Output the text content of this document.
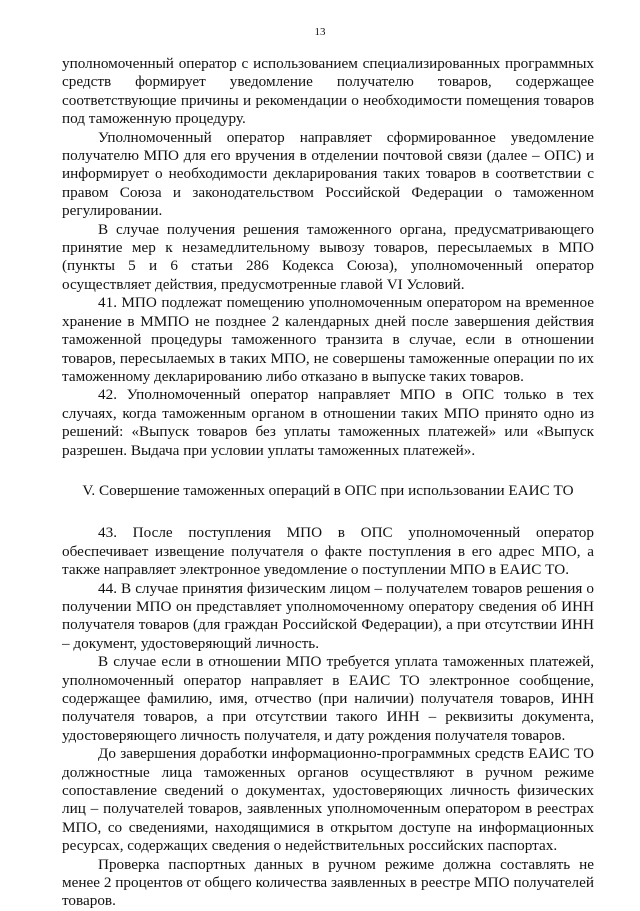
13

уполномоченный оператор с использованием специализированных программных средств формирует уведомление получателю товаров, содержащее соответствующие причины и рекомендации о необходимости помещения товаров под таможенную процедуру.

Уполномоченный оператор направляет сформированное уведомление получателю МПО для его вручения в отделении почтовой связи (далее – ОПС) и информирует о необходимости декларирования таких товаров в соответствии с правом Союза и законодательством Российской Федерации о таможенном регулировании.

В случае получения решения таможенного органа, предусматривающего принятие мер к незамедлительному вывозу товаров, пересылаемых в МПО (пункты 5 и 6 статьи 286 Кодекса Союза), уполномоченный оператор осуществляет действия, предусмотренные главой VI Условий.

41. МПО подлежат помещению уполномоченным оператором на временное хранение в ММПО не позднее 2 календарных дней после завершения действия таможенной процедуры таможенного транзита в случае, если в отношении товаров, пересылаемых в таких МПО, не совершены таможенные операции по их таможенному декларированию либо отказано в выпуске таких товаров.

42. Уполномоченный оператор направляет МПО в ОПС только в тех случаях, когда таможенным органом в отношении таких МПО принято одно из решений: «Выпуск товаров без уплаты таможенных платежей» или «Выпуск разрешен. Выдача при условии уплаты таможенных платежей».

V. Совершение таможенных операций в ОПС при использовании ЕАИС ТО

43. После поступления МПО в ОПС уполномоченный оператор обеспечивает извещение получателя о факте поступления в его адрес МПО, а также направляет электронное уведомление о поступлении МПО в ЕАИС ТО.

44. В случае принятия физическим лицом – получателем товаров решения о получении МПО он представляет уполномоченному оператору сведения об ИНН получателя товаров (для граждан Российской Федерации), а при отсутствии ИНН – документ, удостоверяющий личность.

В случае если в отношении МПО требуется уплата таможенных платежей, уполномоченный оператор направляет в ЕАИС ТО электронное сообщение, содержащее фамилию, имя, отчество (при наличии) получателя товаров, ИНН получателя товаров, а при отсутствии такого ИНН – реквизиты документа, удостоверяющего личность получателя, и дату рождения получателя товаров.

До завершения доработки информационно-программных средств ЕАИС ТО должностные лица таможенных органов осуществляют в ручном режиме сопоставление сведений о документах, удостоверяющих личность физических лиц – получателей товаров, заявленных уполномоченным оператором в реестрах МПО, со сведениями, находящимися в открытом доступе на информационных ресурсах, содержащих сведения о недействительных российских паспортах.

Проверка паспортных данных в ручном режиме должна составлять не менее 2 процентов от общего количества заявленных в реестре МПО получателей товаров.
